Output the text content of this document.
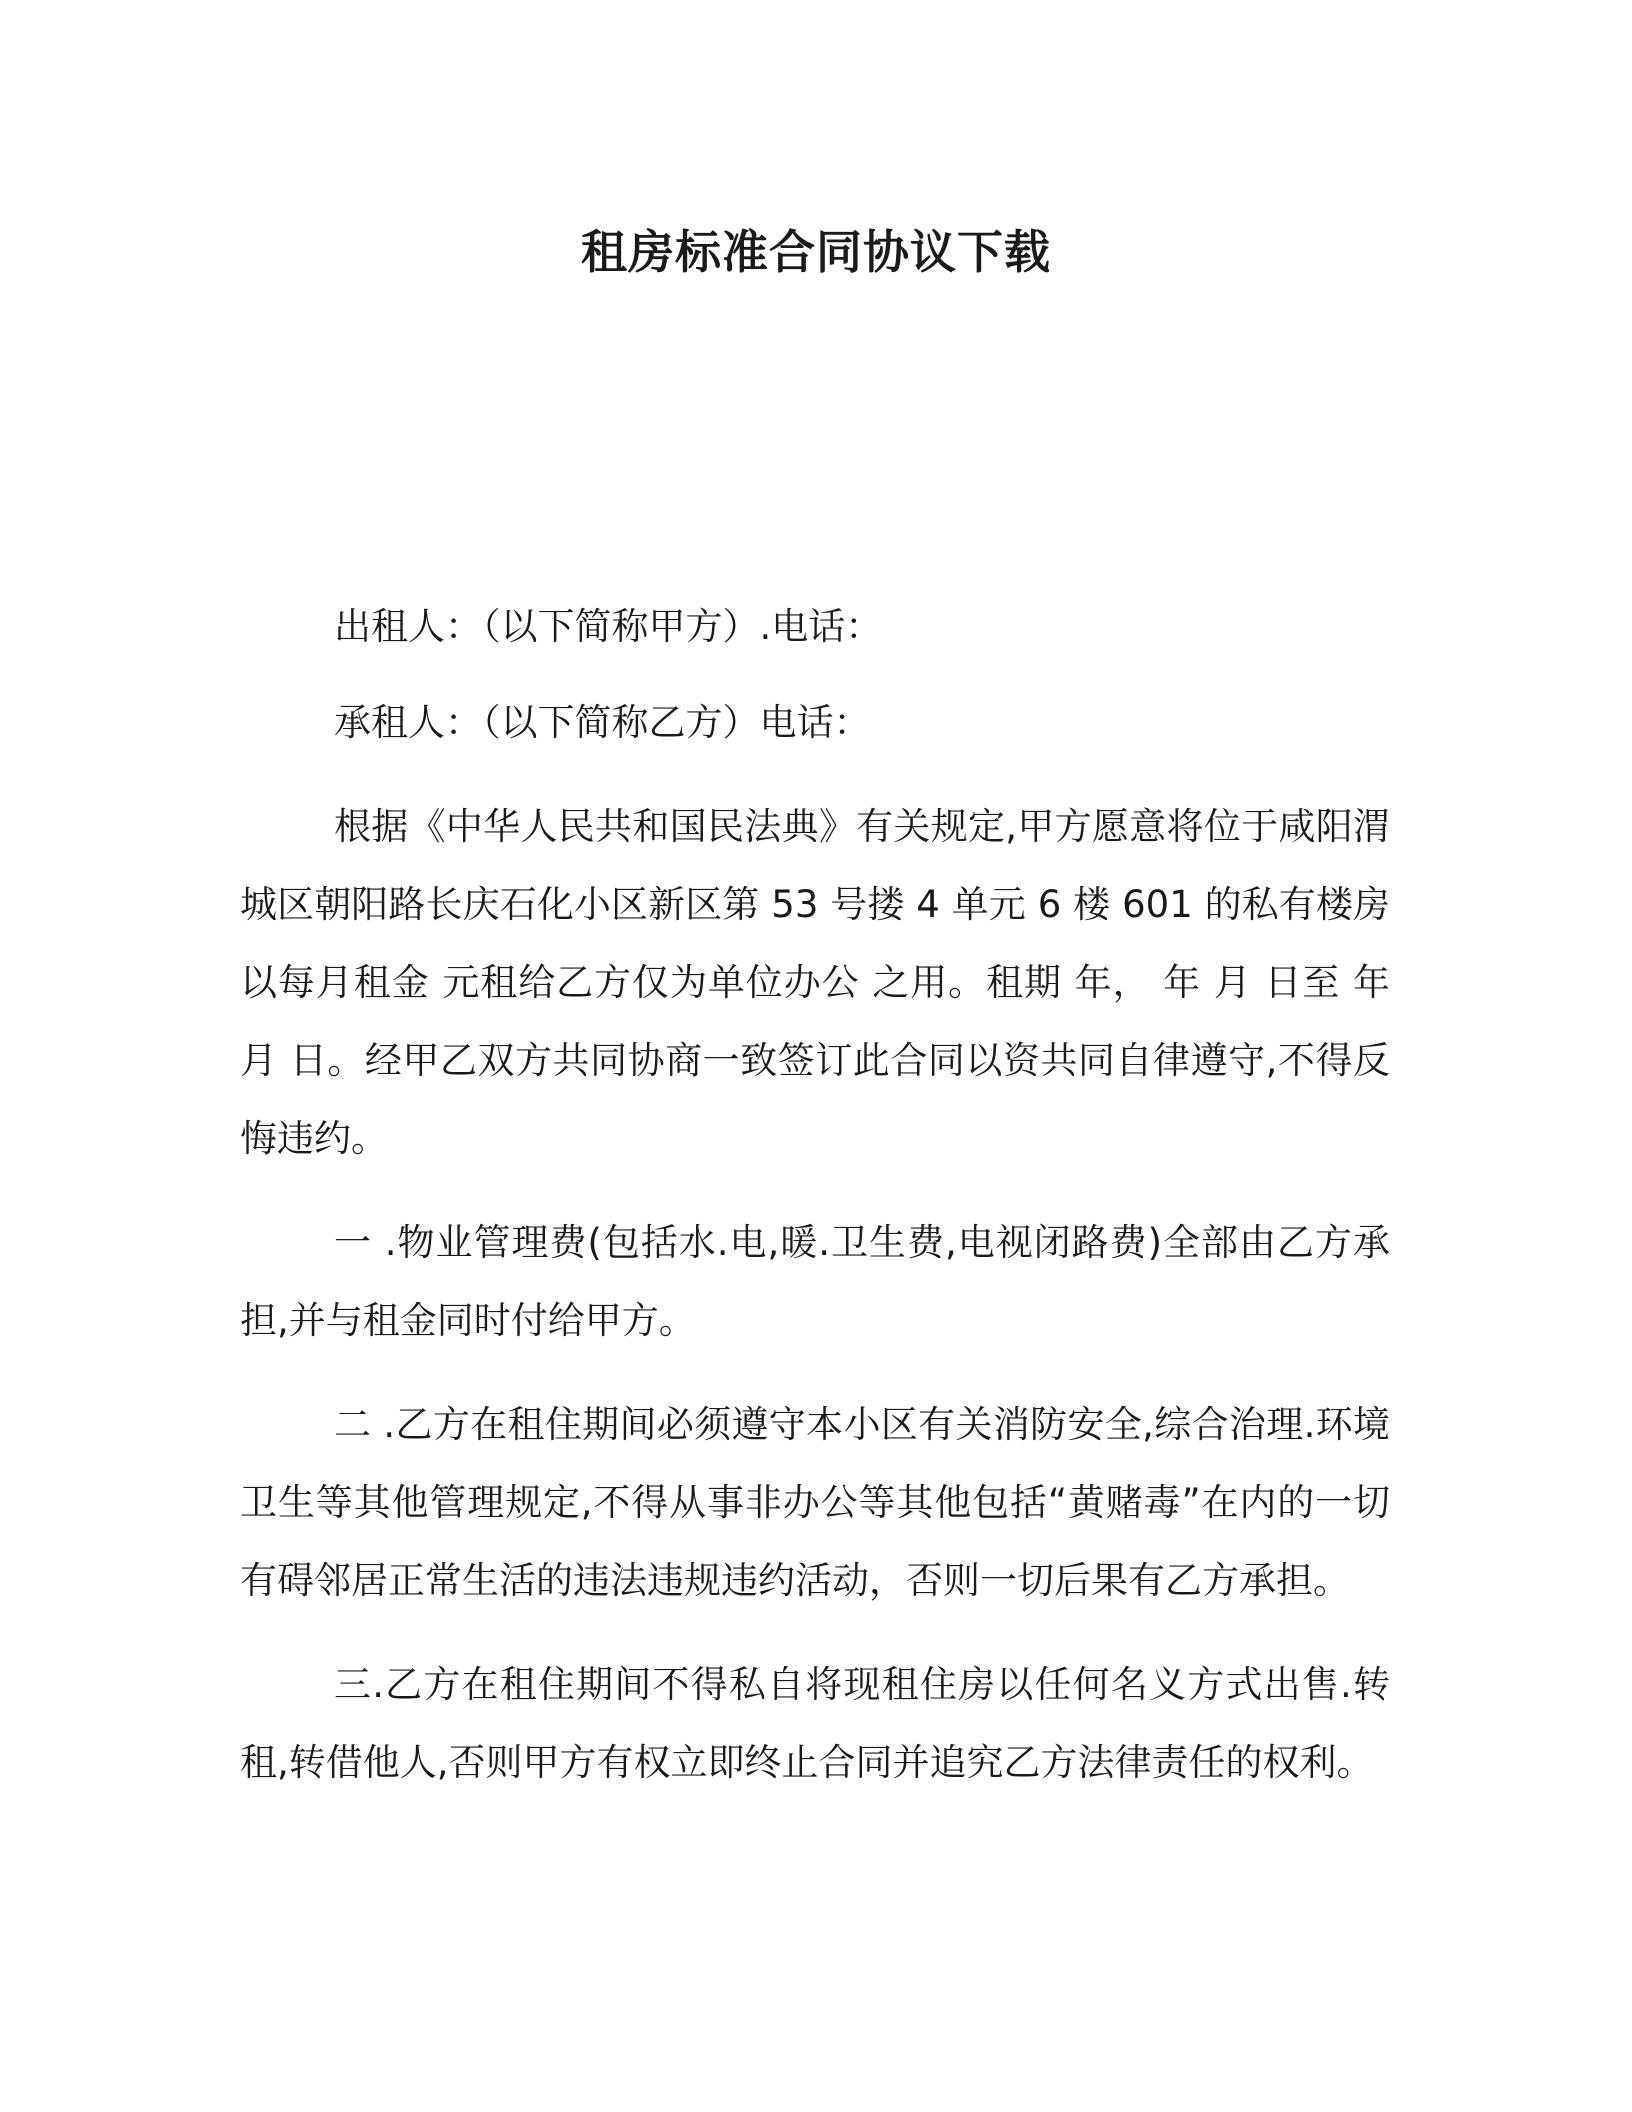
租房标准合同协议下载

出租人：（以下简称甲方）.电话：

承租人：（以下简称乙方）电话：

根据《中华人民共和国民法典》有关规定,甲方愿意将位于咸阳渭城区朝阳路长庆石化小区新区第 53 号搂 4 单元 6 楼 601 的私有楼房以每月租金 元租给乙方仅为单位办公 之用。租期 年， 年 月 日至 年月 日。经甲乙双方共同协商一致签订此合同以资共同自律遵守,不得反悔违约。

一 .物业管理费(包括水.电,暖.卫生费,电视闭路费)全部由乙方承担,并与租金同时付给甲方。

二 .乙方在租住期间必须遵守本小区有关消防安全,综合治理.环境卫生等其他管理规定,不得从事非办公等其他包括“黄赌毒”在内的一切有碍邻居正常生活的违法违规违约活动，否则一切后果有乙方承担。

三.乙方在租住期间不得私自将现租住房以任何名义方式出售.转租,转借他人,否则甲方有权立即终止合同并追究乙方法律责任的权利。
